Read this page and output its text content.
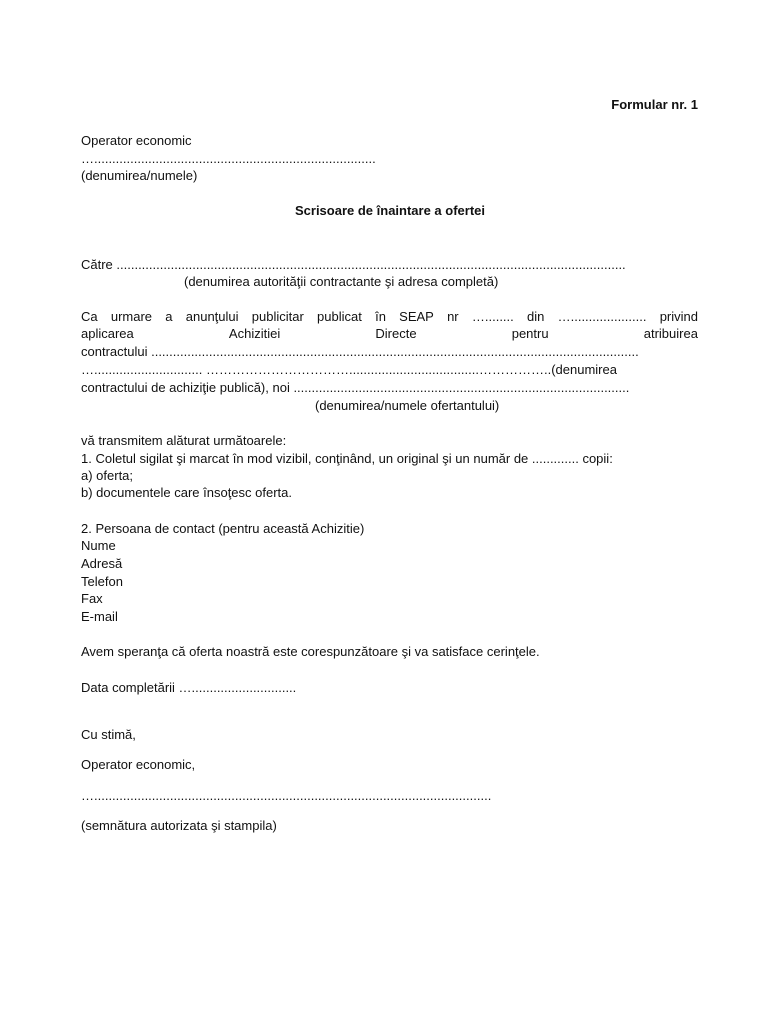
Formular nr. 1
Operator economic
…..............................................................................
(denumirea/numele)
Scrisoare de înaintare a ofertei
Către .............................................................................................................................................
(denumirea autorităţii contractante şi adresa completă)
Ca urmare a anunţului publicitar publicat în SEAP nr …........ din …..................... privind
aplicarea	Achizitiei	Directe	pentru	atribuirea
contractului .......................................................................................................................................
….............................. ……………………………....................................……………..(denumirea
contractului de achiziţie publică), noi .............................................................................................
(denumirea/numele ofertantului)
vă transmitem alăturat următoarele:
1. Coletul sigilat şi marcat în mod vizibil, conţinând, un original şi un număr de ............. copii:
a) oferta;
b) documentele care însoţesc oferta.
2. Persoana de contact (pentru această Achizitie)
Nume
Adresă
Telefon
Fax
E-mail
Avem speranţa că oferta noastră este corespunzătoare şi va satisface cerinţele.
Data completării ….............................
Cu stimă,
Operator economic,
…..............................................................................................................
(semnătura autorizata şi stampila)
